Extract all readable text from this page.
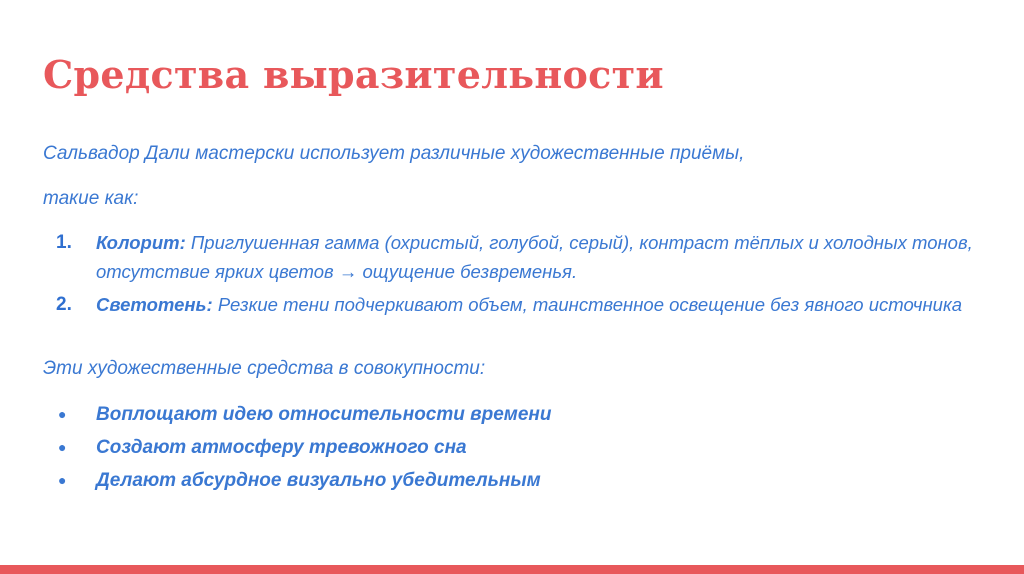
Средства выразительности
Сальвадор Дали мастерски использует различные художественные приёмы,
такие как:
1. Колорит: Приглушенная гамма (охристый, голубой, серый), контраст тёплых и холодных тонов, отсутствие ярких цветов → ощущение безвременья.
2. Светотень: Резкие тени подчеркивают объем, таинственное освещение без явного источника
Эти художественные средства в совокупности:
● Воплощают идею относительности времени
● Создают атмосферу тревожного сна
● Делают абсурдное визуально убедительным
